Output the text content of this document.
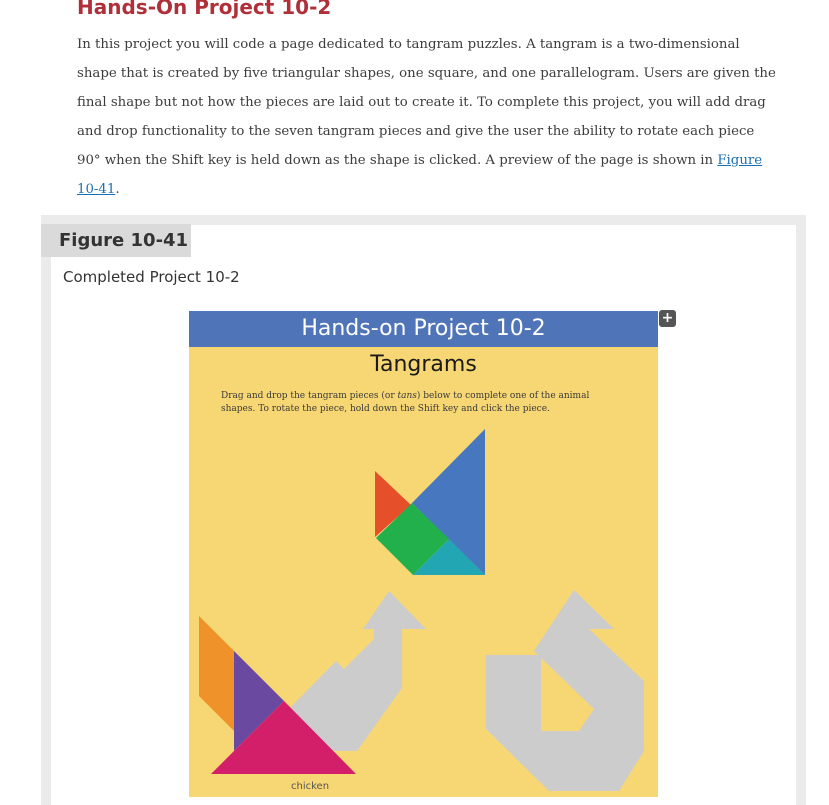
Hands-On Project 10-2

In this project you will code a page dedicated to tangram puzzles. A tangram is a two-dimensional shape that is created by five triangular shapes, one square, and one parallelogram. Users are given the final shape but not how the pieces are laid out to create it. To complete this project, you will add drag and drop functionality to the seven tangram pieces and give the user the ability to rotate each piece 90° when the Shift key is held down as the shape is clicked. A preview of the page is shown in Figure 10-41.

Figure 10-41
Completed Project 10-2
Hands-on Project 10-2
Tangrams
Drag and drop the tangram pieces (or tans) below to complete one of the animal shapes. To rotate the piece, hold down the Shift key and click the piece.
chicken
+
